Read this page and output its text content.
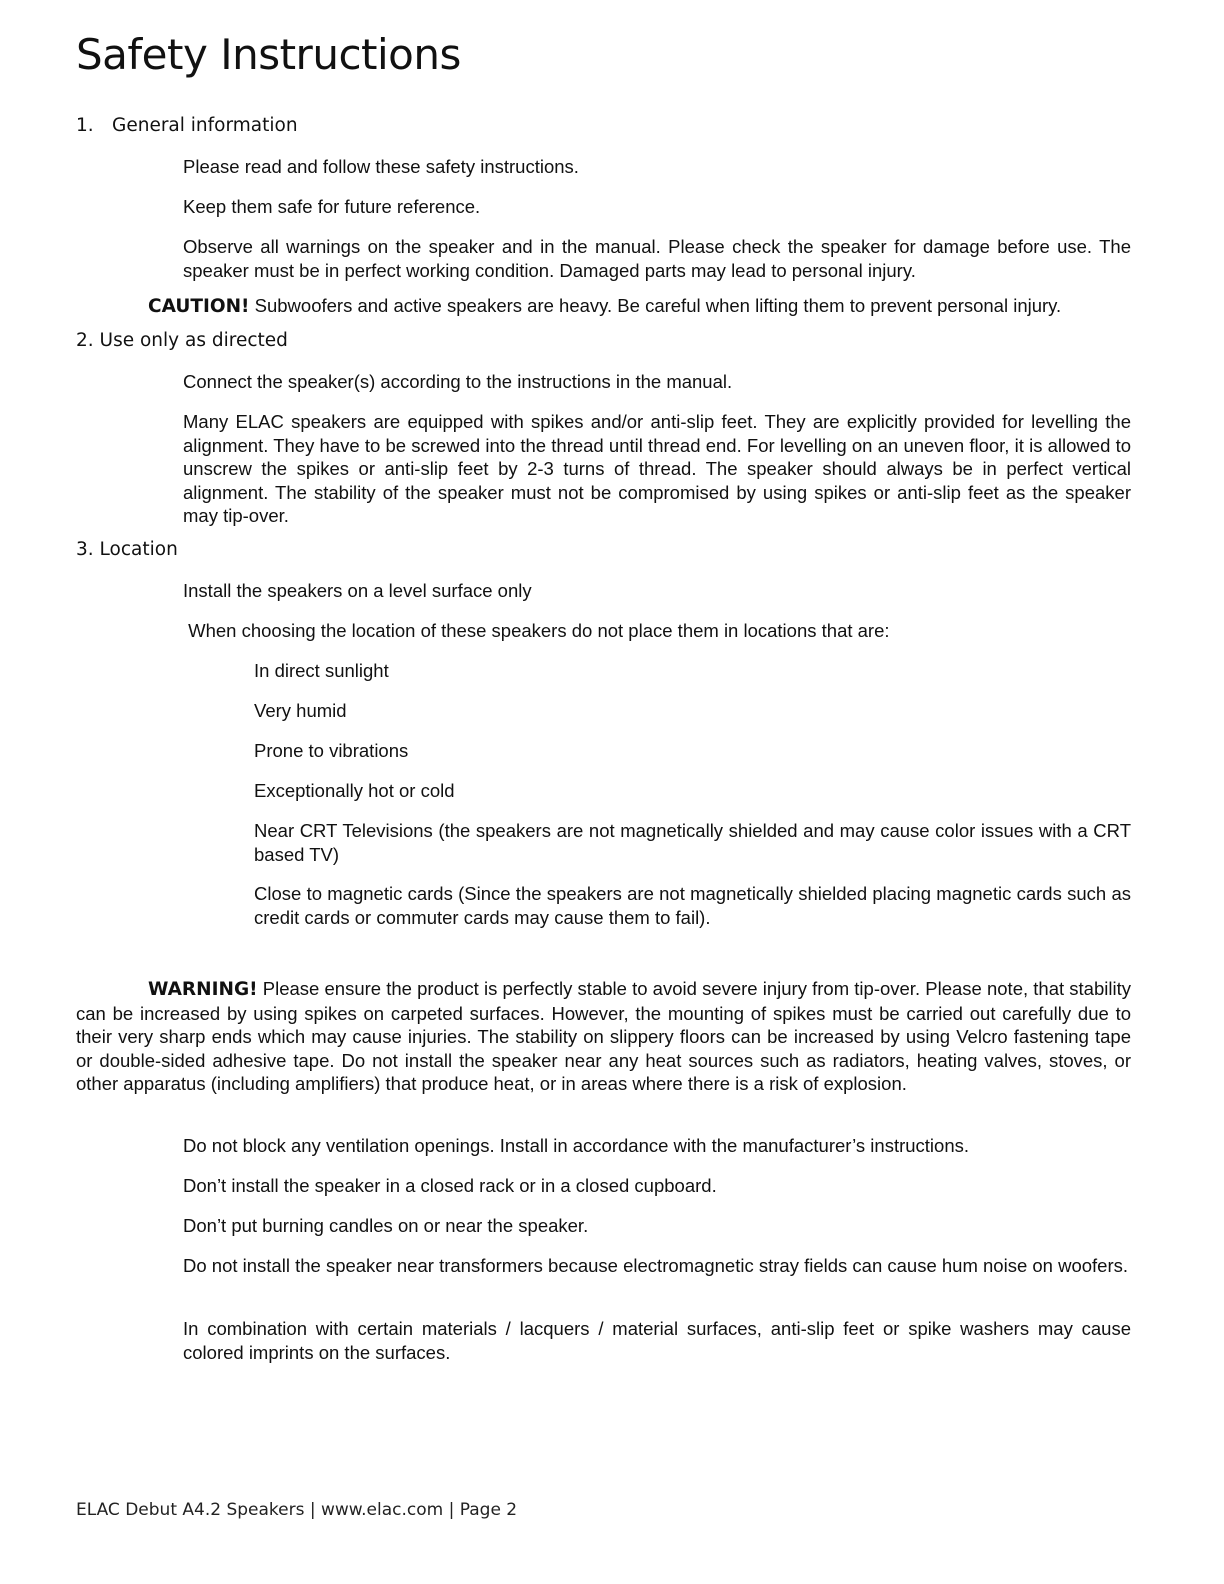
Safety Instructions

1. General information

Please read and follow these safety instructions.

Keep them safe for future reference.

Observe all warnings on the speaker and in the manual. Please check the speaker for damage before use. The speaker must be in perfect working condition. Damaged parts may lead to personal injury.

CAUTION! Subwoofers and active speakers are heavy. Be careful when lifting them to prevent personal injury.

2. Use only as directed

Connect the speaker(s) according to the instructions in the manual.

Many ELAC speakers are equipped with spikes and/or anti-slip feet. They are explicitly provided for levelling the alignment. They have to be screwed into the thread until thread end. For levelling on an uneven floor, it is allowed to unscrew the spikes or anti-slip feet by 2-3 turns of thread. The speaker should always be in perfect vertical alignment. The stability of the speaker must not be compromised by using spikes or anti-slip feet as the speaker may tip-over.

3. Location

Install the speakers on a level surface only

When choosing the location of these speakers do not place them in locations that are:

In direct sunlight

Very humid

Prone to vibrations

Exceptionally hot or cold

Near CRT Televisions (the speakers are not magnetically shielded and may cause color issues with a CRT based TV)

Close to magnetic cards (Since the speakers are not magnetically shielded placing magnetic cards such as credit cards or commuter cards may cause them to fail).

WARNING! Please ensure the product is perfectly stable to avoid severe injury from tip-over. Please note, that stability can be increased by using spikes on carpeted surfaces. However, the mounting of spikes must be carried out carefully due to their very sharp ends which may cause injuries. The stability on slippery floors can be increased by using Velcro fastening tape or double-sided adhesive tape. Do not install the speaker near any heat sources such as radiators, heating valves, stoves, or other apparatus (including amplifiers) that produce heat, or in areas where there is a risk of explosion.

Do not block any ventilation openings. Install in accordance with the manufacturer’s instructions.

Don’t install the speaker in a closed rack or in a closed cupboard.

Don’t put burning candles on or near the speaker.

Do not install the speaker near transformers because electromagnetic stray fields can cause hum noise on woofers.

In combination with certain materials / lacquers / material surfaces, anti-slip feet or spike washers may cause colored imprints on the surfaces.

ELAC Debut A4.2 Speakers | www.elac.com | Page 2
